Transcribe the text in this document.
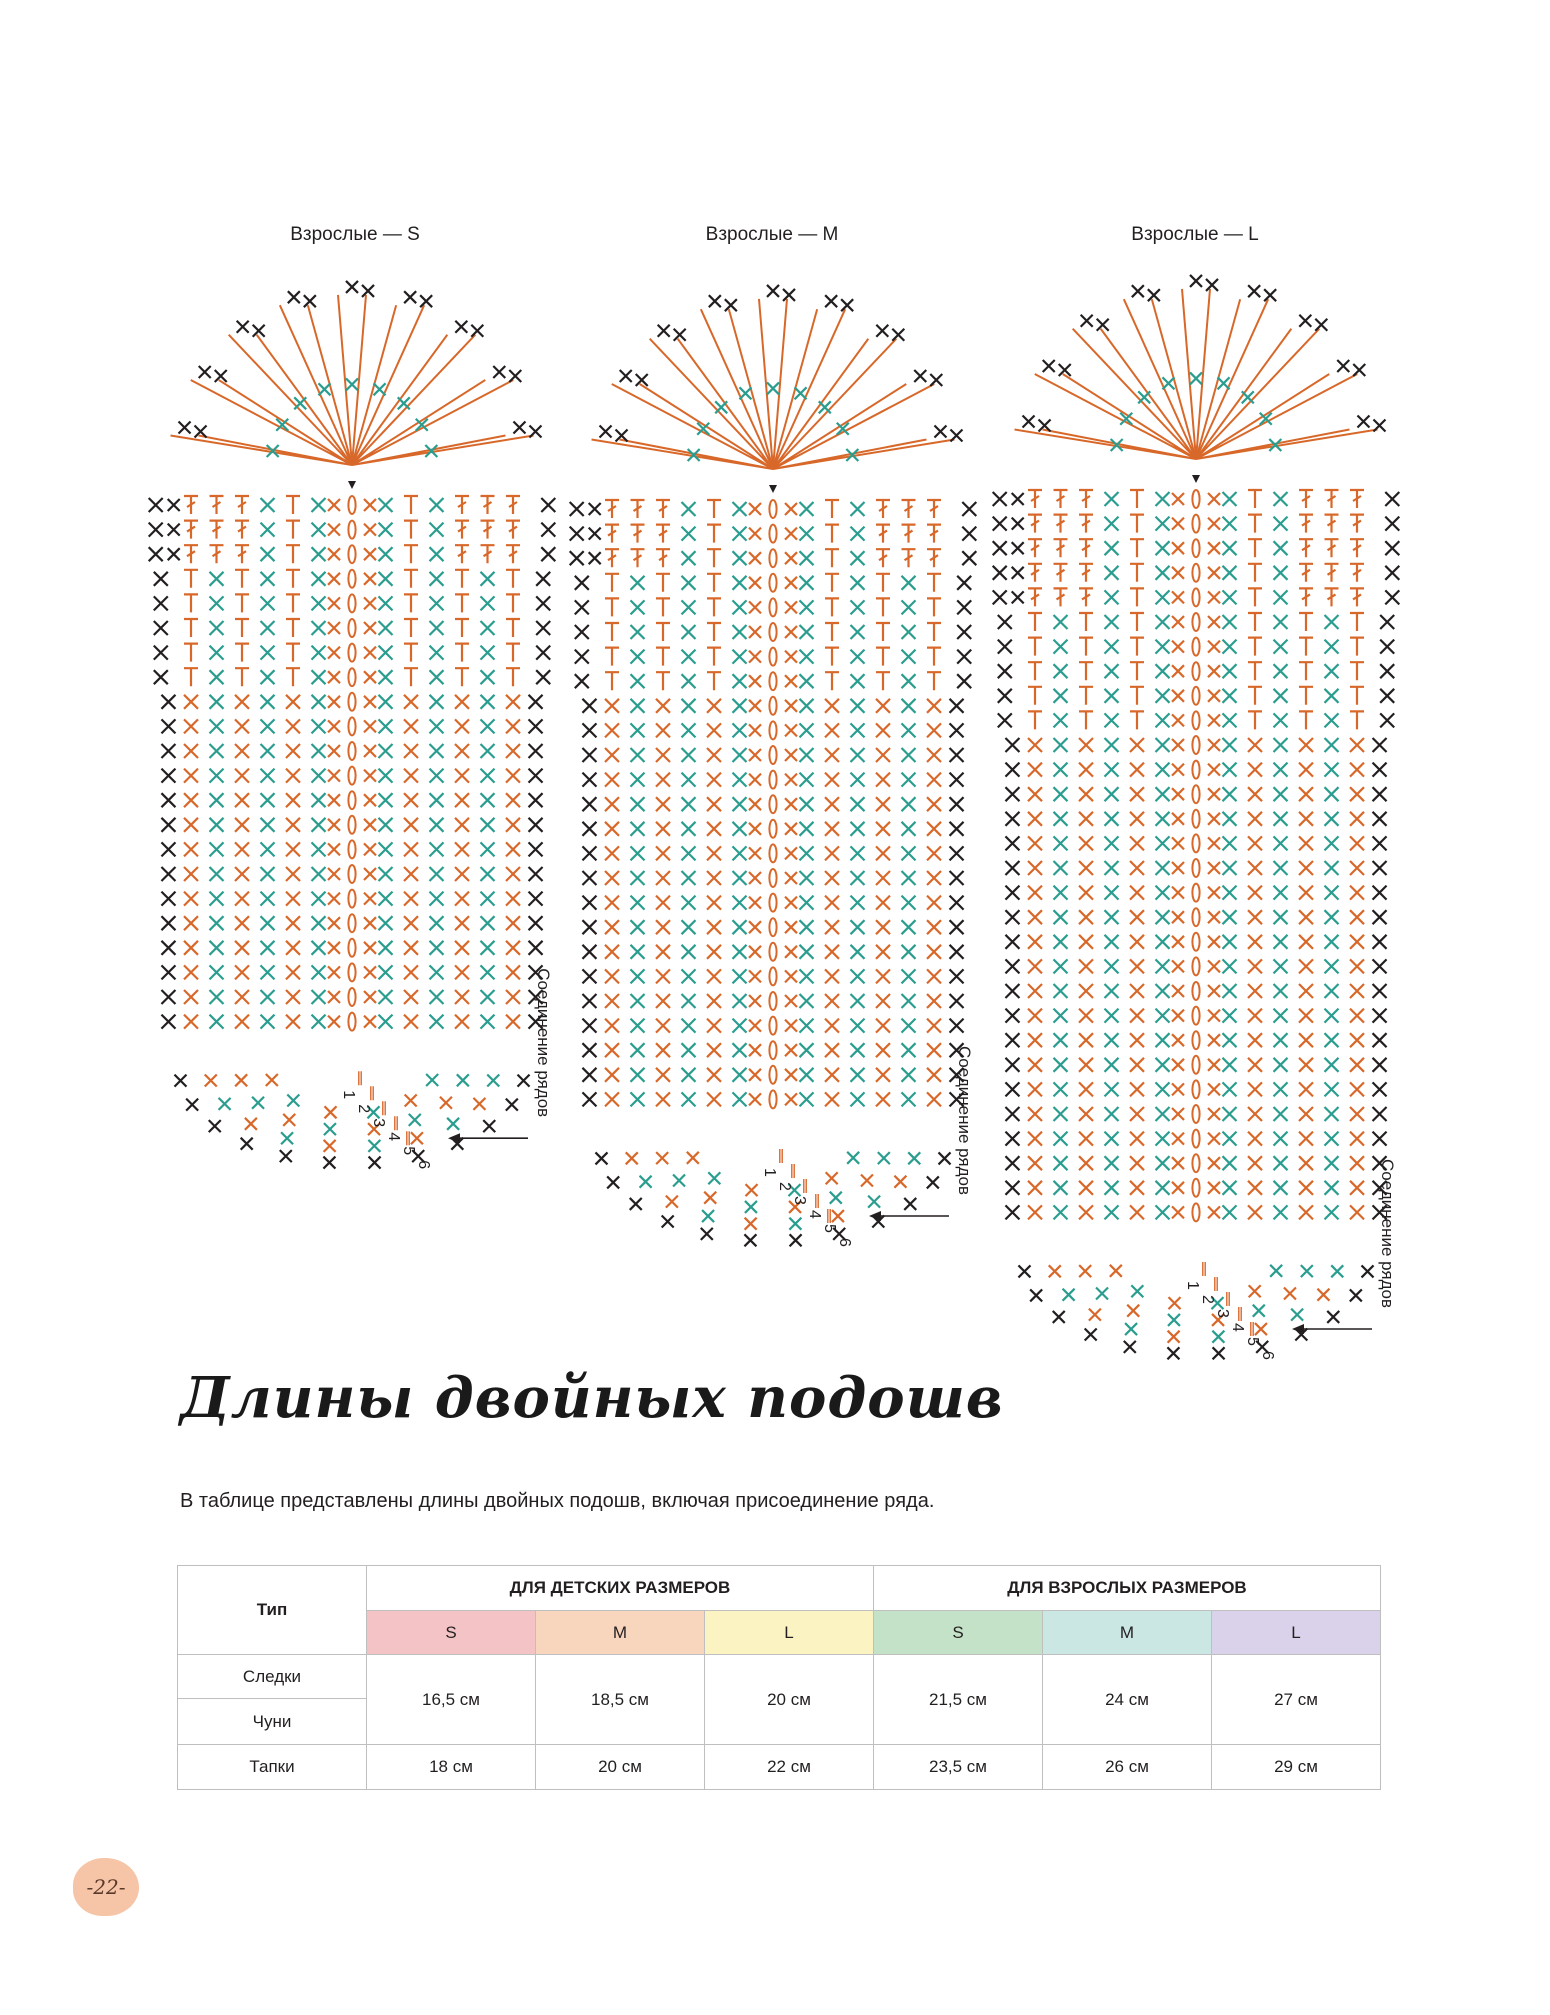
Взрослые — S	Взрослые — M	Взрослые — L
1
2
3
4
5
6
Соединение рядов
1
2
3
4
5
6
Соединение рядов
1
2
3
4
5
6
Соединение рядов
Длины двойных подошв
В таблице представлены длины двойных подошв, включая присоединение ряда.
Тип	ДЛЯ ДЕТСКИХ РАЗМЕРОВ			ДЛЯ ВЗРОСЛЫХ РАЗМЕРОВ		
	S	M	L	S	M	L
Следки	16,5 см	18,5 см	20 см	21,5 см	24 см	27 см
Чуни						
Тапки	18 см	20 см	22 см	23,5 см	26 см	29 см
-22-
